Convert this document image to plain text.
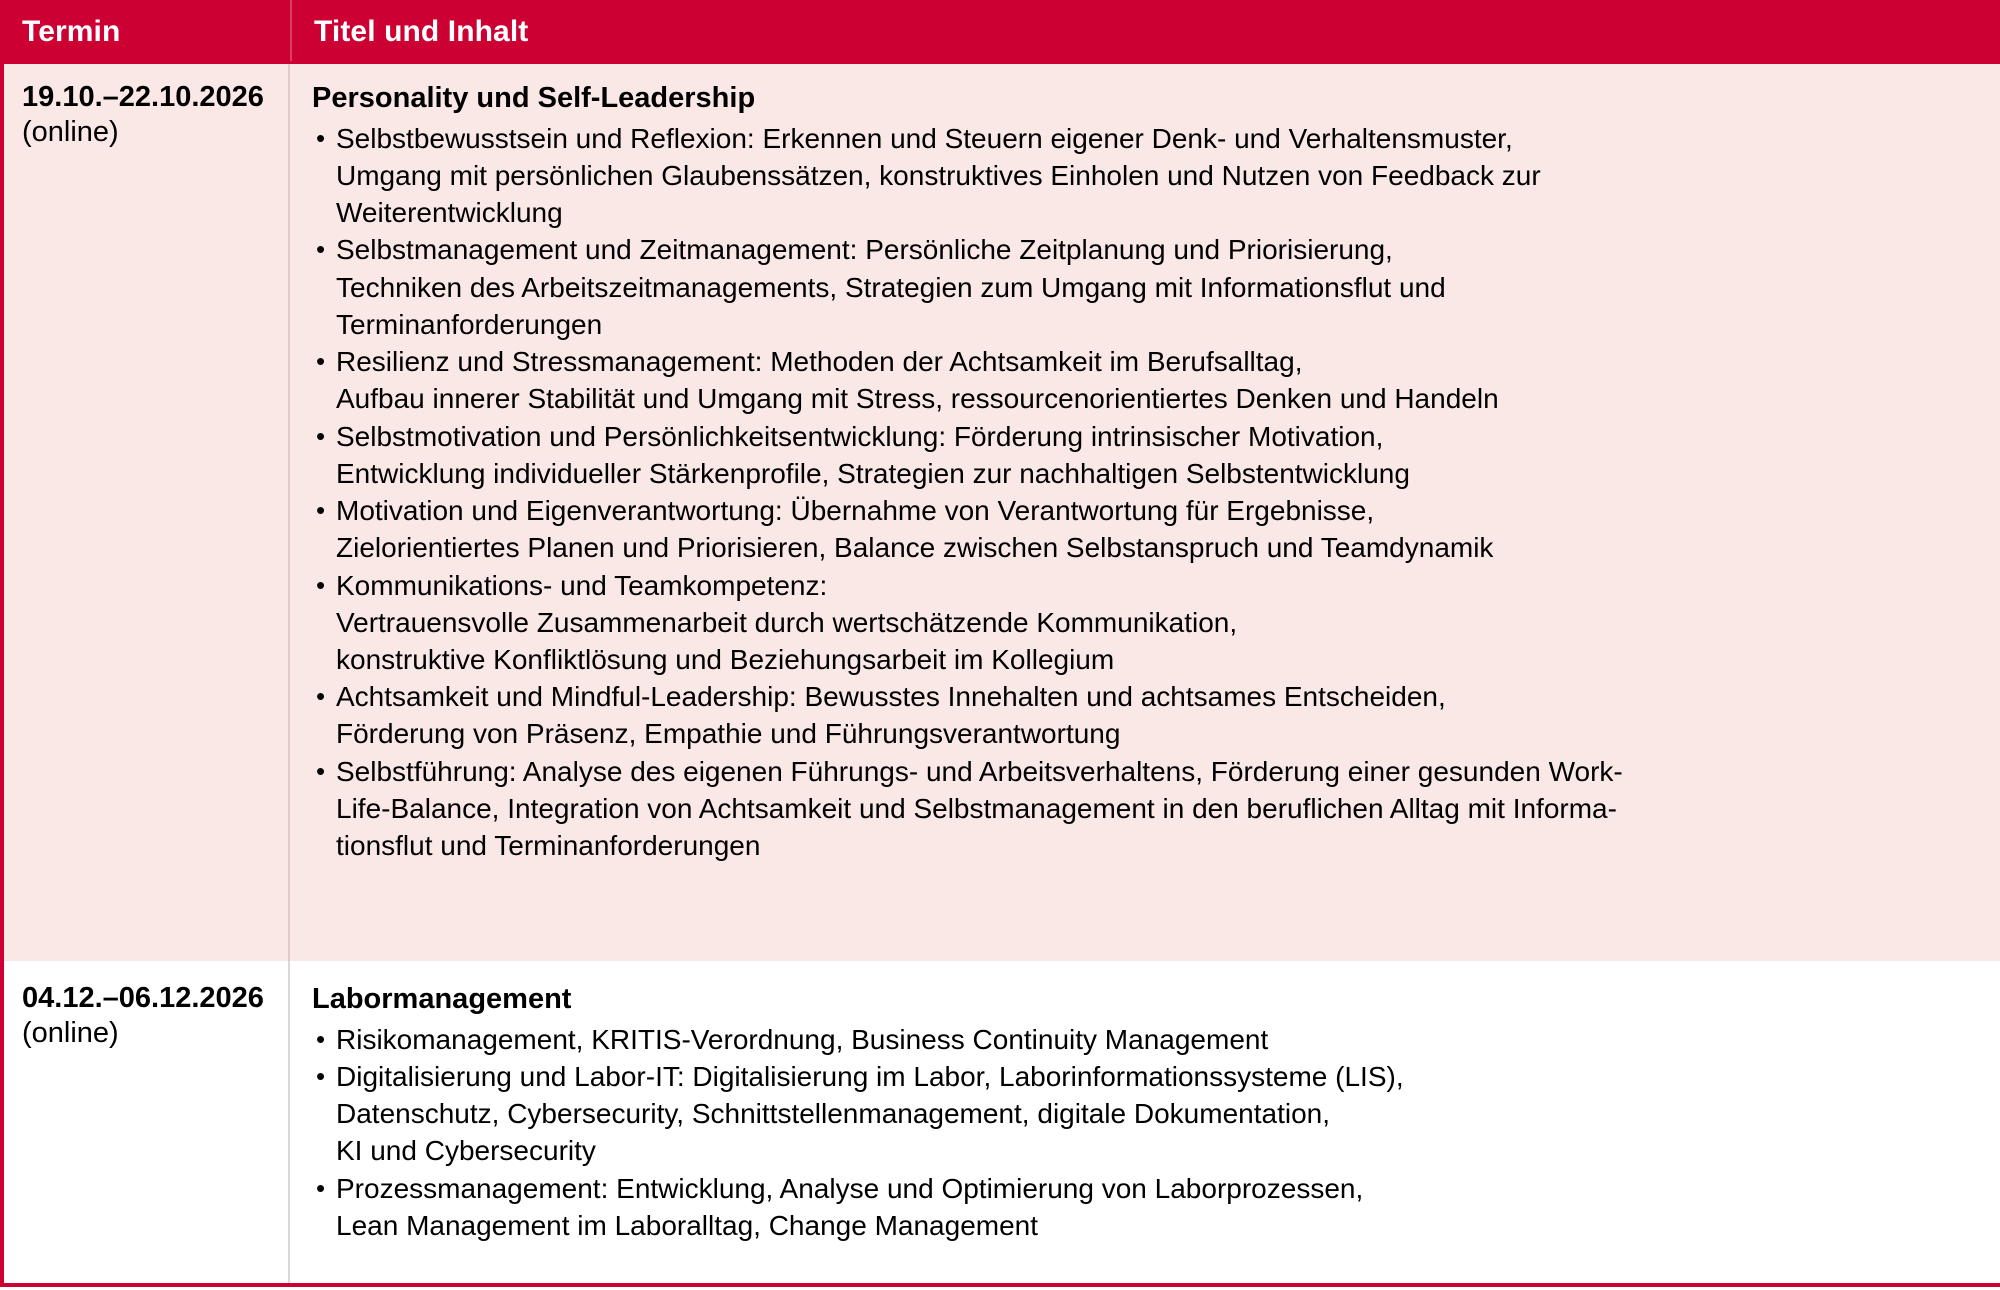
Termin	Titel und Inhalt
19.10.–22.10.2026
(online)
Personality und Self-Leadership
• Selbstbewusstsein und Reflexion: Erkennen und Steuern eigener Denk- und Verhaltensmuster,
Umgang mit persönlichen Glaubenssätzen, konstruktives Einholen und Nutzen von Feedback zur
Weiterentwicklung
• Selbstmanagement und Zeitmanagement: Persönliche Zeitplanung und Priorisierung,
Techniken des Arbeitszeitmanagements, Strategien zum Umgang mit Informationsflut und
Terminanforderungen
• Resilienz und Stressmanagement: Methoden der Achtsamkeit im Berufsalltag,
Aufbau innerer Stabilität und Umgang mit Stress, ressourcenorientiertes Denken und Handeln
• Selbstmotivation und Persönlichkeitsentwicklung: Förderung intrinsischer Motivation,
Entwicklung individueller Stärkenprofile, Strategien zur nachhaltigen Selbstentwicklung
• Motivation und Eigenverantwortung: Übernahme von Verantwortung für Ergebnisse,
Zielorientiertes Planen und Priorisieren, Balance zwischen Selbstanspruch und Teamdynamik
• Kommunikations- und Teamkompetenz:
Vertrauensvolle Zusammenarbeit durch wertschätzende Kommunikation,
konstruktive Konfliktlösung und Beziehungsarbeit im Kollegium
• Achtsamkeit und Mindful-Leadership: Bewusstes Innehalten und achtsames Entscheiden,
Förderung von Präsenz, Empathie und Führungsverantwortung
• Selbstführung: Analyse des eigenen Führungs- und Arbeitsverhaltens, Förderung einer gesunden Work-
Life-Balance, Integration von Achtsamkeit und Selbstmanagement in den beruflichen Alltag mit Informa-
tionsflut und Terminanforderungen
04.12.–06.12.2026
(online)
Labormanagement
• Risikomanagement, KRITIS-Verordnung, Business Continuity Management
• Digitalisierung und Labor-IT: Digitalisierung im Labor, Laborinformationssysteme (LIS),
Datenschutz, Cybersecurity, Schnittstellenmanagement, digitale Dokumentation,
KI und Cybersecurity
• Prozessmanagement: Entwicklung, Analyse und Optimierung von Laborprozessen,
Lean Management im Laboralltag, Change Management
